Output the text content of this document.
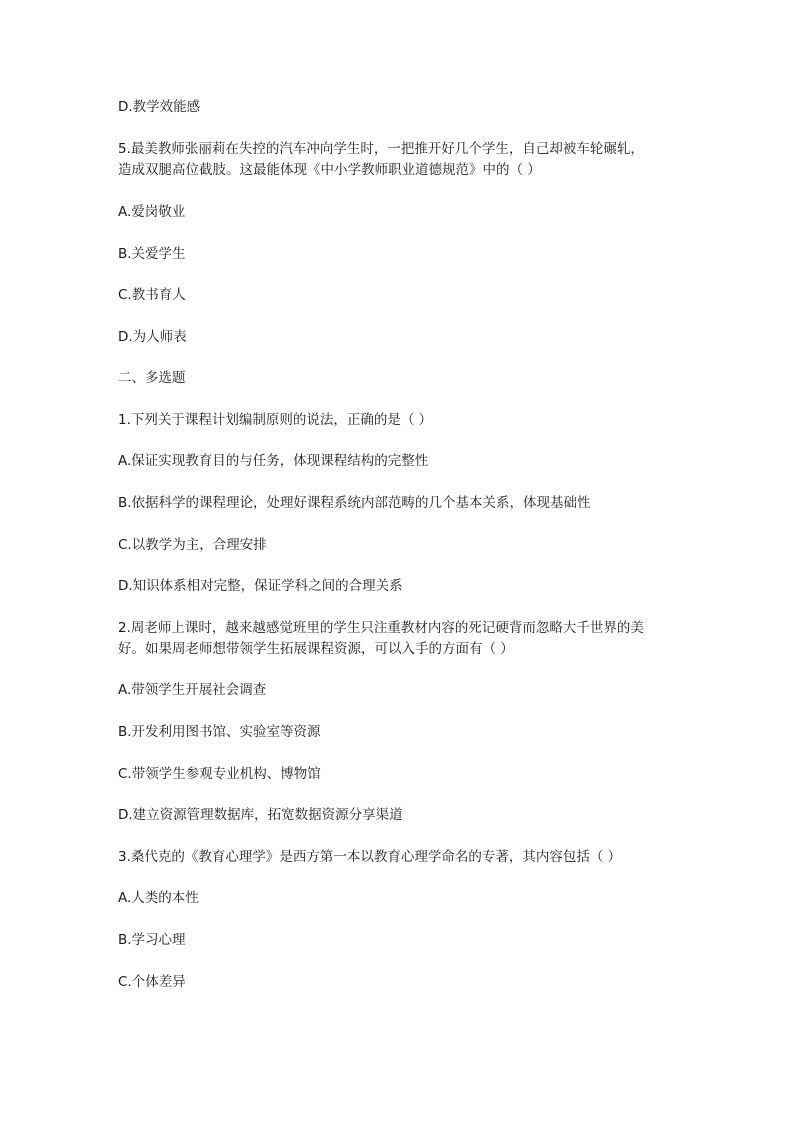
D.教学效能感

5.最美教师张丽莉在失控的汽车冲向学生时，一把推开好几个学生，自己却被车轮碾轧，

造成双腿高位截肢。这最能体现《中小学教师职业道德规范》中的（ ）

A.爱岗敬业

B.关爱学生

C.教书育人

D.为人师表

二、多选题

1.下列关于课程计划编制原则的说法，正确的是（ ）

A.保证实现教育目的与任务，体现课程结构的完整性

B.依据科学的课程理论，处理好课程系统内部范畴的几个基本关系，体现基础性

C.以教学为主，合理安排

D.知识体系相对完整，保证学科之间的合理关系

2.周老师上课时，越来越感觉班里的学生只注重教材内容的死记硬背而忽略大千世界的美

好。如果周老师想带领学生拓展课程资源，可以入手的方面有（ ）

A.带领学生开展社会调查

B.开发利用图书馆、实验室等资源

C.带领学生参观专业机构、博物馆

D.建立资源管理数据库，拓宽数据资源分享渠道

3.桑代克的《教育心理学》是西方第一本以教育心理学命名的专著，其内容包括（ ）

A.人类的本性

B.学习心理

C.个体差异
